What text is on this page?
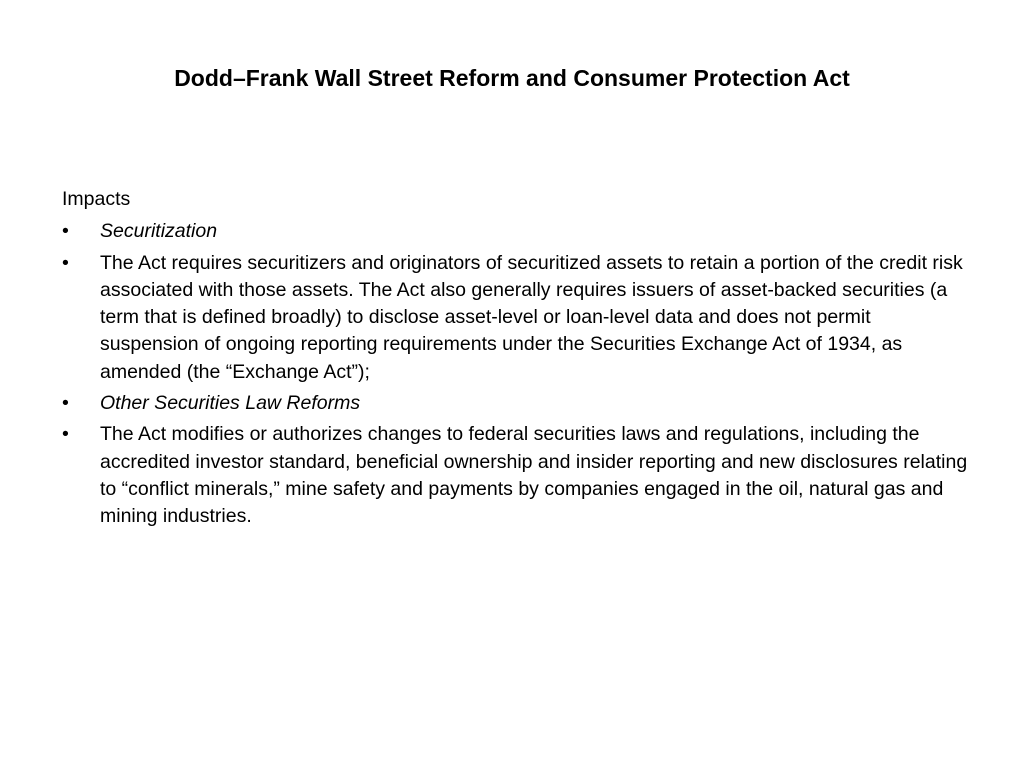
Dodd–Frank Wall Street Reform and Consumer Protection Act

Impacts

•	Securitization
•	The Act requires securitizers and originators of securitized assets to retain a portion of the credit risk associated with those assets. The Act also generally requires issuers of asset-backed securities (a term that is defined broadly) to disclose asset-level or loan-level data and does not permit suspension of ongoing reporting requirements under the Securities Exchange Act of 1934, as amended (the “Exchange Act”);
•	Other Securities Law Reforms
•	The Act modifies or authorizes changes to federal securities laws and regulations, including the accredited investor standard, beneficial ownership and insider reporting and new disclosures relating to “conflict minerals,” mine safety and payments by companies engaged in the oil, natural gas and mining industries.
